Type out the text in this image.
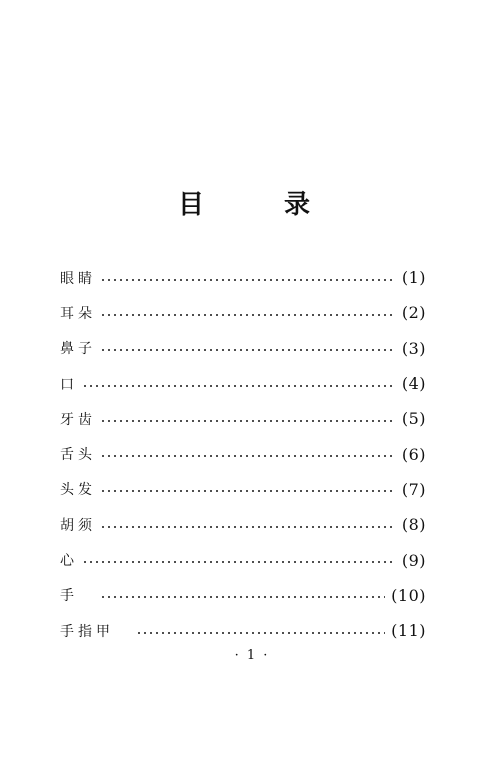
目	录
眼睛	(1)
耳朵	(2)
鼻子	(3)
口	(4)
牙齿	(5)
舌头	(6)
头发	(7)
胡须	(8)
心	(9)
手	(10)
手指甲	(11)
· 1 ·
